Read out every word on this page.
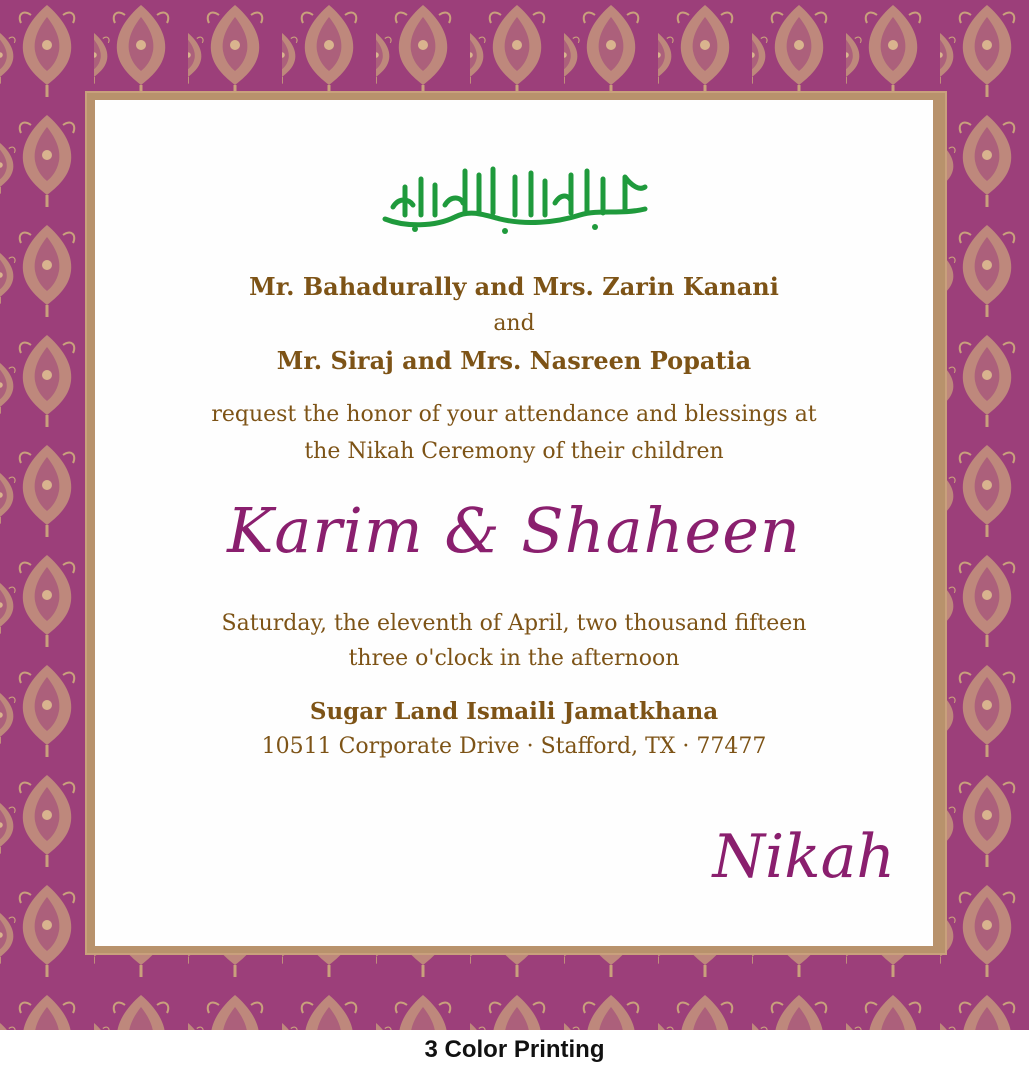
Mr. Bahadurally and Mrs. Zarin Kanani

and

Mr. Siraj and Mrs. Nasreen Popatia

request the honor of your attendance and blessings at

the Nikah Ceremony of their children

Karim & Shaheen

Saturday, the eleventh of April, two thousand fifteen

three o'clock in the afternoon

Sugar Land Ismaili Jamatkhana

10511 Corporate Drive · Stafford, TX · 77477

Nikah

3 Color Printing
